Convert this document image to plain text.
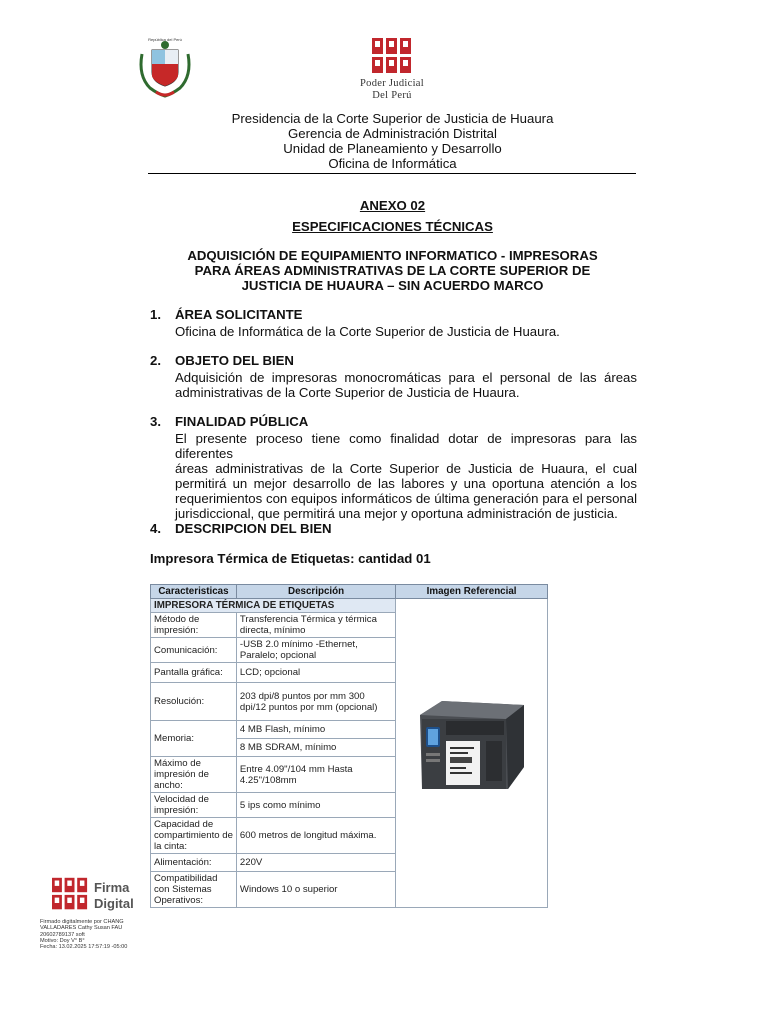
República del Perú
Poder Judicial
Del Perú
Presidencia de la Corte Superior de Justicia de Huaura
Gerencia de Administración Distrital
Unidad de Planeamiento y Desarrollo
Oficina de Informática
ANEXO 02
ESPECIFICACIONES TÉCNICAS
ADQUISICIÓN DE EQUIPAMIENTO INFORMATICO - IMPRESORAS
PARA ÁREAS ADMINISTRATIVAS DE LA CORTE SUPERIOR DE
JUSTICIA DE HUAURA – SIN ACUERDO MARCO
1. ÁREA SOLICITANTE
Oficina de Informática de la Corte Superior de Justicia de Huaura.
2. OBJETO DEL BIEN
Adquisición de impresoras monocromáticas para el personal de las áreas
administrativas de la Corte Superior de Justicia de Huaura.
3. FINALIDAD PÚBLICA
El presente proceso tiene como finalidad dotar de impresoras para las diferentes
áreas administrativas de la Corte Superior de Justicia de Huaura, el cual
permitirá un mejor desarrollo de las labores y una oportuna atención a los
requerimientos con equipos informáticos de última generación para el personal
jurisdiccional, que permitirá una mejor y oportuna administración de justicia.
4. DESCRIPCION DEL BIEN
Impresora Térmica de Etiquetas: cantidad 01
Caracteristicas	Descripción	Imagen Referencial
IMPRESORA TÉRMICA DE ETIQUETAS	
Método de impresión:	Transferencia Térmica y térmica directa, mínimo	
Comunicación:	-USB 2.0 mínimo -Ethernet, Paralelo; opcional	
Pantalla gráfica:	LCD; opcional	
Resolución:	203 dpi/8 puntos por mm 300 dpi/12 puntos por mm (opcional)	
Memoria:	4 MB Flash, mínimo	
	8 MB SDRAM, mínimo	
Máximo de impresión de ancho:	Entre 4.09"/104 mm Hasta 4.25"/108mm	
Velocidad de impresión:	5 ips como mínimo	
Capacidad de compartimiento de la cinta:	600 metros de longitud máxima.	
Alimentación:	220V	
Compatibilidad con Sistemas Operativos:	Windows 10 o superior	
Firma
Digital
Firmado digitalmente por CHANG
VALLADARES Cathy Susan FAU
20602789137 soft
Motivo: Doy V° B°
Fecha: 13.02.2025 17:57:19 -05:00
